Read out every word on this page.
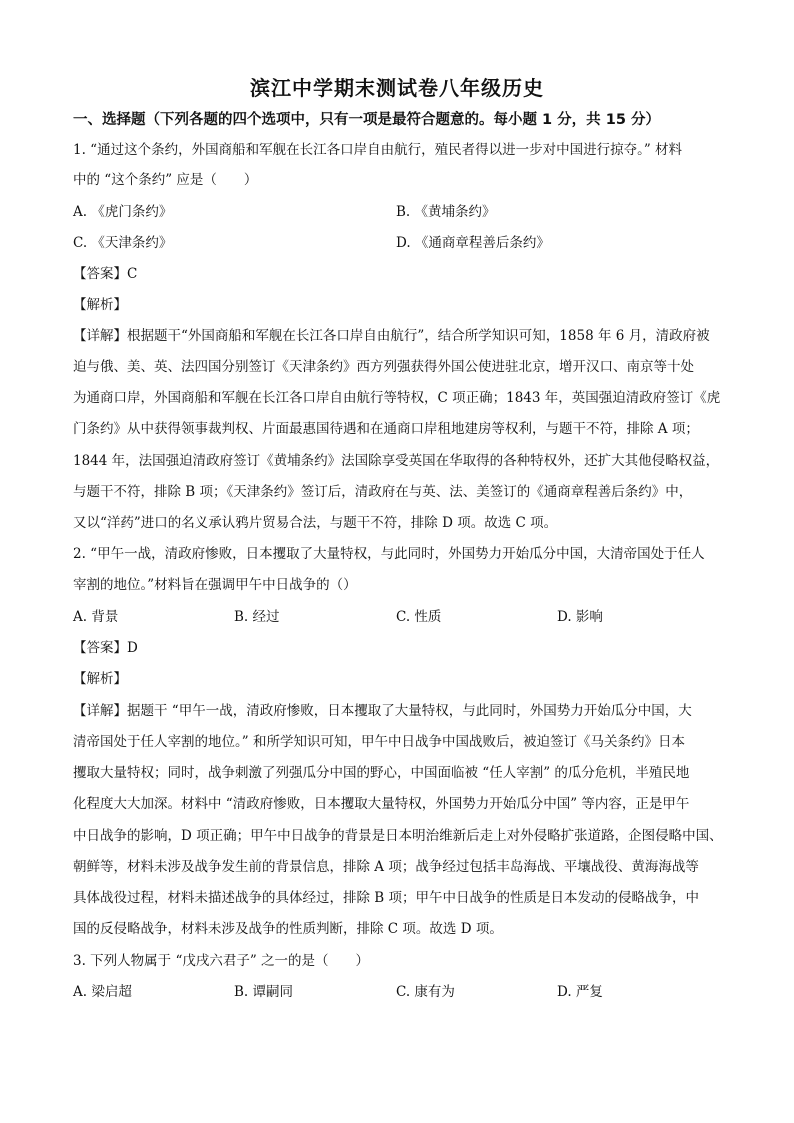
滨江中学期末测试卷八年级历史
一、选择题（下列各题的四个选项中，只有一项是最符合题意的。每小题 1 分，共 15 分）
1. “通过这个条约，外国商船和军舰在长江各口岸自由航行，殖民者得以进一步对中国进行掠夺。” 材料
中的 “这个条约” 应是（　　）
A. 《虎门条约》	B. 《黄埔条约》
C. 《天津条约》	D. 《通商章程善后条约》
【答案】C
【解析】
【详解】根据题干“外国商船和军舰在长江各口岸自由航行”，结合所学知识可知，1858 年 6 月，清政府被
迫与俄、美、英、法四国分别签订《天津条约》西方列强获得外国公使进驻北京，增开汉口、南京等十处
为通商口岸，外国商船和军舰在长江各口岸自由航行等特权，C 项正确；1843 年，英国强迫清政府签订《虎
门条约》从中获得领事裁判权、片面最惠国待遇和在通商口岸租地建房等权利，与题干不符，排除 A 项；
1844 年，法国强迫清政府签订《黄埔条约》法国除享受英国在华取得的各种特权外，还扩大其他侵略权益，
与题干不符，排除 B 项；《天津条约》签订后，清政府在与英、法、美签订的《通商章程善后条约》中，
又以“洋药”进口的名义承认鸦片贸易合法，与题干不符，排除 D 项。故选 C 项。
2. “甲午一战，清政府惨败，日本攫取了大量特权，与此同时，外国势力开始瓜分中国，大清帝国处于任人
宰割的地位。”材料旨在强调甲午中日战争的（）
A. 背景	B. 经过	C. 性质	D. 影响
【答案】D
【解析】
【详解】据题干 “甲午一战，清政府惨败，日本攫取了大量特权，与此同时，外国势力开始瓜分中国，大
清帝国处于任人宰割的地位。” 和所学知识可知，甲午中日战争中国战败后，被迫签订《马关条约》日本
攫取大量特权；同时，战争刺激了列强瓜分中国的野心，中国面临被 “任人宰割” 的瓜分危机，半殖民地
化程度大大加深。材料中 “清政府惨败，日本攫取大量特权，外国势力开始瓜分中国” 等内容，正是甲午
中日战争的影响，D 项正确；甲午中日战争的背景是日本明治维新后走上对外侵略扩张道路，企图侵略中国、
朝鲜等，材料未涉及战争发生前的背景信息，排除 A 项；战争经过包括丰岛海战、平壤战役、黄海海战等
具体战役过程，材料未描述战争的具体经过，排除 B 项；甲午中日战争的性质是日本发动的侵略战争，中
国的反侵略战争，材料未涉及战争的性质判断，排除 C 项。故选 D 项。
3. 下列人物属于 “戊戌六君子” 之一的是（　　）
A. 梁启超	B. 谭嗣同	C. 康有为	D. 严复
